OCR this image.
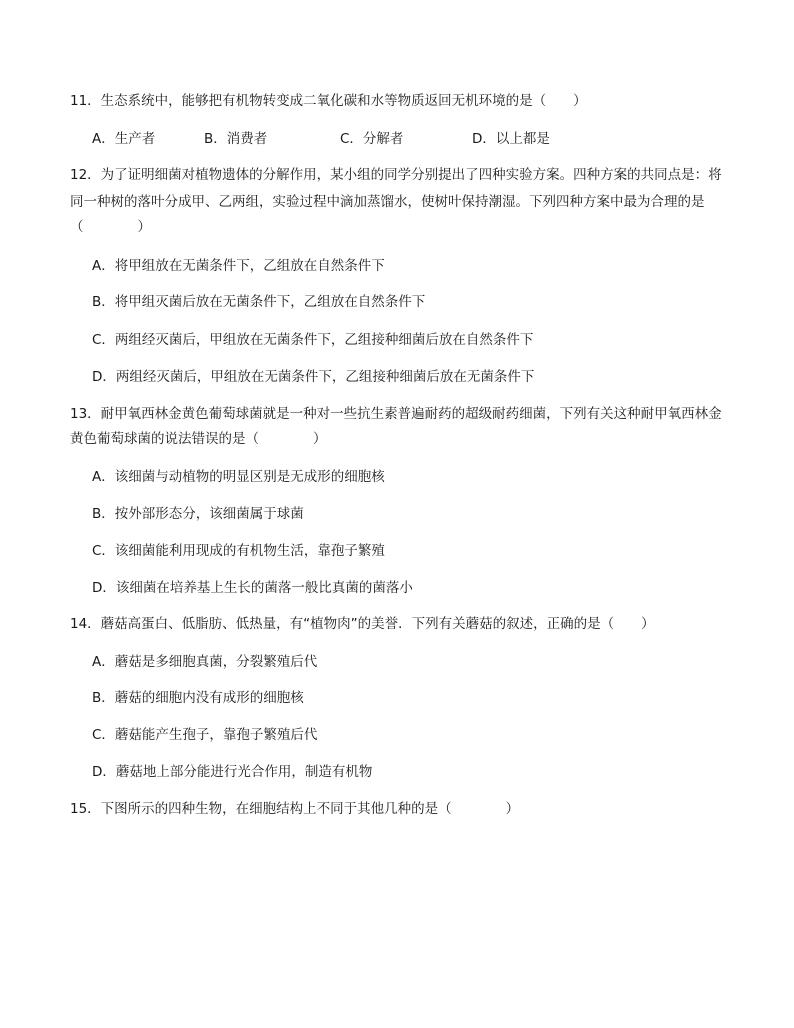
11．生态系统中，能够把有机物转变成二氧化碳和水等物质返回无机环境的是（　　）
A．生产者	B．消费者	C．分解者	D．以上都是
12．为了证明细菌对植物遗体的分解作用，某小组的同学分别提出了四种实验方案。四种方案的共同点是：将
同一种树的落叶分成甲、乙两组，实验过程中滴加蒸馏水，使树叶保持潮湿。下列四种方案中最为合理的是
（　　　　）
A．将甲组放在无菌条件下，乙组放在自然条件下
B．将甲组灭菌后放在无菌条件下，乙组放在自然条件下
C．两组经灭菌后，甲组放在无菌条件下，乙组接种细菌后放在自然条件下
D．两组经灭菌后，甲组放在无菌条件下，乙组接种细菌后放在无菌条件下
13．耐甲氧西林金黄色葡萄球菌就是一种对一些抗生素普遍耐药的超级耐药细菌，下列有关这种耐甲氧西林金
黄色葡萄球菌的说法错误的是（　　　　）
A．该细菌与动植物的明显区别是无成形的细胞核
B．按外部形态分，该细菌属于球菌
C．该细菌能利用现成的有机物生活，靠孢子繁殖
D．该细菌在培养基上生长的菌落一般比真菌的菌落小
14．蘑菇高蛋白、低脂肪、低热量，有“植物肉”的美誉．下列有关蘑菇的叙述，正确的是（　　）
A．蘑菇是多细胞真菌，分裂繁殖后代
B．蘑菇的细胞内没有成形的细胞核
C．蘑菇能产生孢子，靠孢子繁殖后代
D．蘑菇地上部分能进行光合作用，制造有机物
15．下图所示的四种生物，在细胞结构上不同于其他几种的是（　　　　）
